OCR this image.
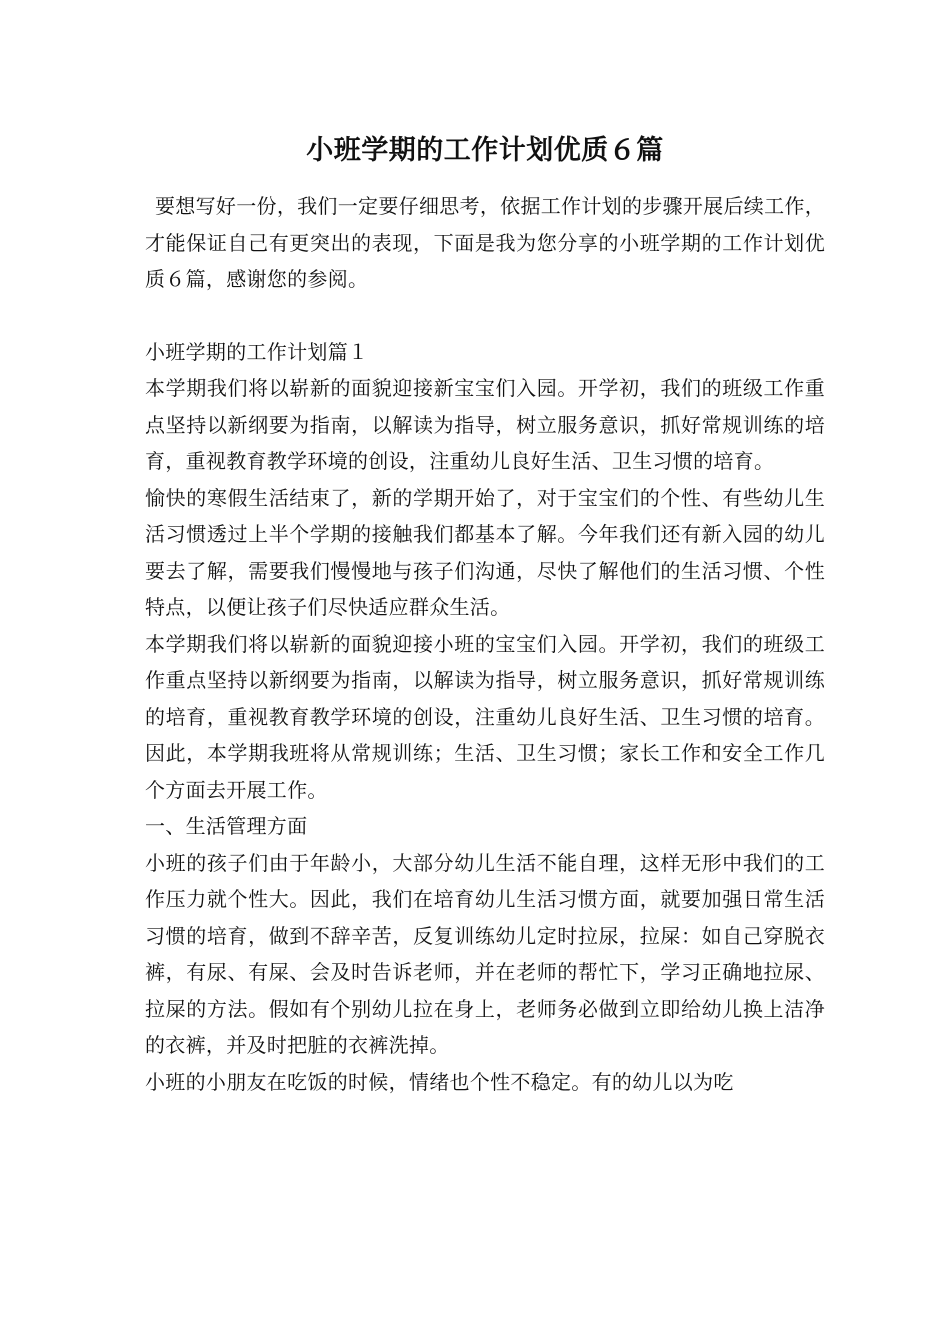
小班学期的工作计划优质６篇

要想写好一份，我们一定要仔细思考，依据工作计划的步骤开展后续工作，才能保证自己有更突出的表现，下面是我为您分享的小班学期的工作计划优质６篇，感谢您的参阅。

小班学期的工作计划篇１

本学期我们将以崭新的面貌迎接新宝宝们入园。开学初，我们的班级工作重点坚持以新纲要为指南，以解读为指导，树立服务意识，抓好常规训练的培育，重视教育教学环境的创设，注重幼儿良好生活、卫生习惯的培育。

愉快的寒假生活结束了，新的学期开始了，对于宝宝们的个性、有些幼儿生活习惯透过上半个学期的接触我们都基本了解。今年我们还有新入园的幼儿要去了解，需要我们慢慢地与孩子们沟通，尽快了解他们的生活习惯、个性特点，以便让孩子们尽快适应群众生活。

本学期我们将以崭新的面貌迎接小班的宝宝们入园。开学初，我们的班级工作重点坚持以新纲要为指南，以解读为指导，树立服务意识，抓好常规训练的培育，重视教育教学环境的创设，注重幼儿良好生活、卫生习惯的培育。因此，本学期我班将从常规训练；生活、卫生习惯；家长工作和安全工作几个方面去开展工作。

一、生活管理方面

小班的孩子们由于年龄小，大部分幼儿生活不能自理，这样无形中我们的工作压力就个性大。因此，我们在培育幼儿生活习惯方面，就要加强日常生活习惯的培育，做到不辞辛苦，反复训练幼儿定时拉尿，拉屎：如自己穿脱衣裤，有尿、有屎、会及时告诉老师，并在老师的帮忙下，学习正确地拉尿、拉屎的方法。假如有个别幼儿拉在身上，老师务必做到立即给幼儿换上洁净的衣裤，并及时把脏的衣裤洗掉。

小班的小朋友在吃饭的时候，情绪也个性不稳定。有的幼儿以为吃
